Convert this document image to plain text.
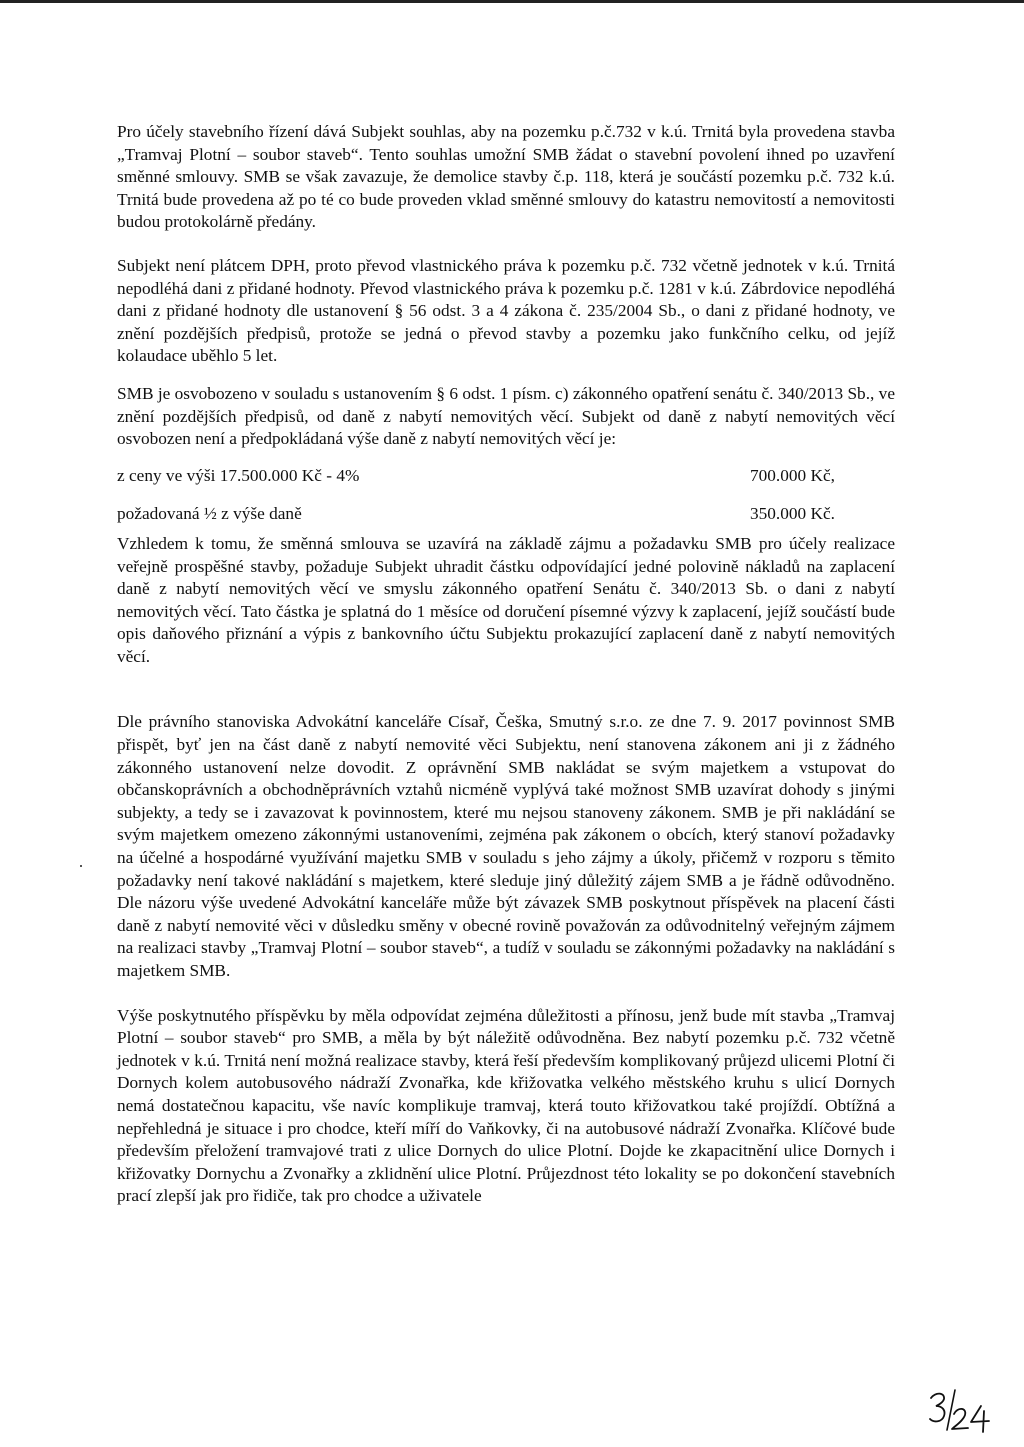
Pro účely stavebního řízení dává Subjekt souhlas, aby na pozemku p.č.732 v k.ú. Trnitá byla provedena stavba „Tramvaj Plotní – soubor staveb“. Tento souhlas umožní SMB žádat o stavební povolení ihned po uzavření směnné smlouvy. SMB se však zavazuje, že demolice stavby č.p. 118, která je součástí pozemku p.č. 732 k.ú. Trnitá bude provedena až po té co bude proveden vklad směnné smlouvy do katastru nemovitostí a nemovitosti budou protokolárně předány.

Subjekt není plátcem DPH, proto převod vlastnického práva k pozemku p.č. 732 včetně jednotek v k.ú. Trnitá nepodléhá dani z přidané hodnoty. Převod vlastnického práva k pozemku p.č. 1281 v k.ú. Zábrdovice nepodléhá dani z přidané hodnoty dle ustanovení § 56 odst. 3 a 4 zákona č. 235/2004 Sb., o dani z přidané hodnoty, ve znění pozdějších předpisů, protože se jedná o převod stavby a pozemku jako funkčního celku, od jejíž kolaudace uběhlo 5 let.

SMB je osvobozeno v souladu s ustanovením § 6 odst. 1 písm. c) zákonného opatření senátu č. 340/2013 Sb., ve znění pozdějších předpisů, od daně z nabytí nemovitých věcí. Subjekt od daně z nabytí nemovitých věcí osvobozen není a předpokládaná výše daně z nabytí nemovitých věcí je:

z ceny ve výši 17.500.000 Kč - 4%	700.000 Kč,
požadovaná ½ z výše daně	350.000 Kč.

Vzhledem k tomu, že směnná smlouva se uzavírá na základě zájmu a požadavku SMB pro účely realizace veřejně prospěšné stavby, požaduje Subjekt uhradit částku odpovídající jedné polovině nákladů na zaplacení daně z nabytí nemovitých věcí ve smyslu zákonného opatření Senátu č. 340/2013 Sb. o dani z nabytí nemovitých věcí. Tato částka je splatná do 1 měsíce od doručení písemné výzvy k zaplacení, jejíž součástí bude opis daňového přiznání a výpis z bankovního účtu Subjektu prokazující zaplacení daně z nabytí nemovitých věcí.

Dle právního stanoviska Advokátní kanceláře Císař, Češka, Smutný s.r.o. ze dne 7. 9. 2017 povinnost SMB přispět, byť jen na část daně z nabytí nemovité věci Subjektu, není stanovena zákonem ani ji z žádného zákonného ustanovení nelze dovodit. Z oprávnění SMB nakládat se svým majetkem a vstupovat do občanskoprávních a obchodněprávních vztahů nicméně vyplývá také možnost SMB uzavírat dohody s jinými subjekty, a tedy se i zavazovat k povinnostem, které mu nejsou stanoveny zákonem. SMB je při nakládání se svým majetkem omezeno zákonnými ustanoveními, zejména pak zákonem o obcích, který stanoví požadavky na účelné a hospodárné využívání majetku SMB v souladu s jeho zájmy a úkoly, přičemž v rozporu s těmito požadavky není takové nakládání s majetkem, které sleduje jiný důležitý zájem SMB a je řádně odůvodněno. Dle názoru výše uvedené Advokátní kanceláře může být závazek SMB poskytnout příspěvek na placení části daně z nabytí nemovité věci v důsledku směny v obecné rovině považován za odůvodnitelný veřejným zájmem na realizaci stavby „Tramvaj Plotní – soubor staveb“, a tudíž v souladu se zákonnými požadavky na nakládání s majetkem SMB.

Výše poskytnutého příspěvku by měla odpovídat zejména důležitosti a přínosu, jenž bude mít stavba „Tramvaj Plotní – soubor staveb“ pro SMB, a měla by být náležitě odůvodněna. Bez nabytí pozemku p.č. 732 včetně jednotek v k.ú. Trnitá není možná realizace stavby, která řeší především komplikovaný průjezd ulicemi Plotní či Dornych kolem autobusového nádraží Zvonařka, kde křižovatka velkého městského kruhu s ulicí Dornych nemá dostatečnou kapacitu, vše navíc komplikuje tramvaj, která touto křižovatkou také projíždí. Obtížná a nepřehledná je situace i pro chodce, kteří míří do Vaňkovky, či na autobusové nádraží Zvonařka. Klíčové bude především přeložení tramvajové trati z ulice Dornych do ulice Plotní. Dojde ke zkapacitnění ulice Dornych i křižovatky Dornychu a Zvonařky a zklidnění ulice Plotní. Průjezdnost této lokality se po dokončení stavebních prací zlepší jak pro řidiče, tak pro chodce a uživatele
